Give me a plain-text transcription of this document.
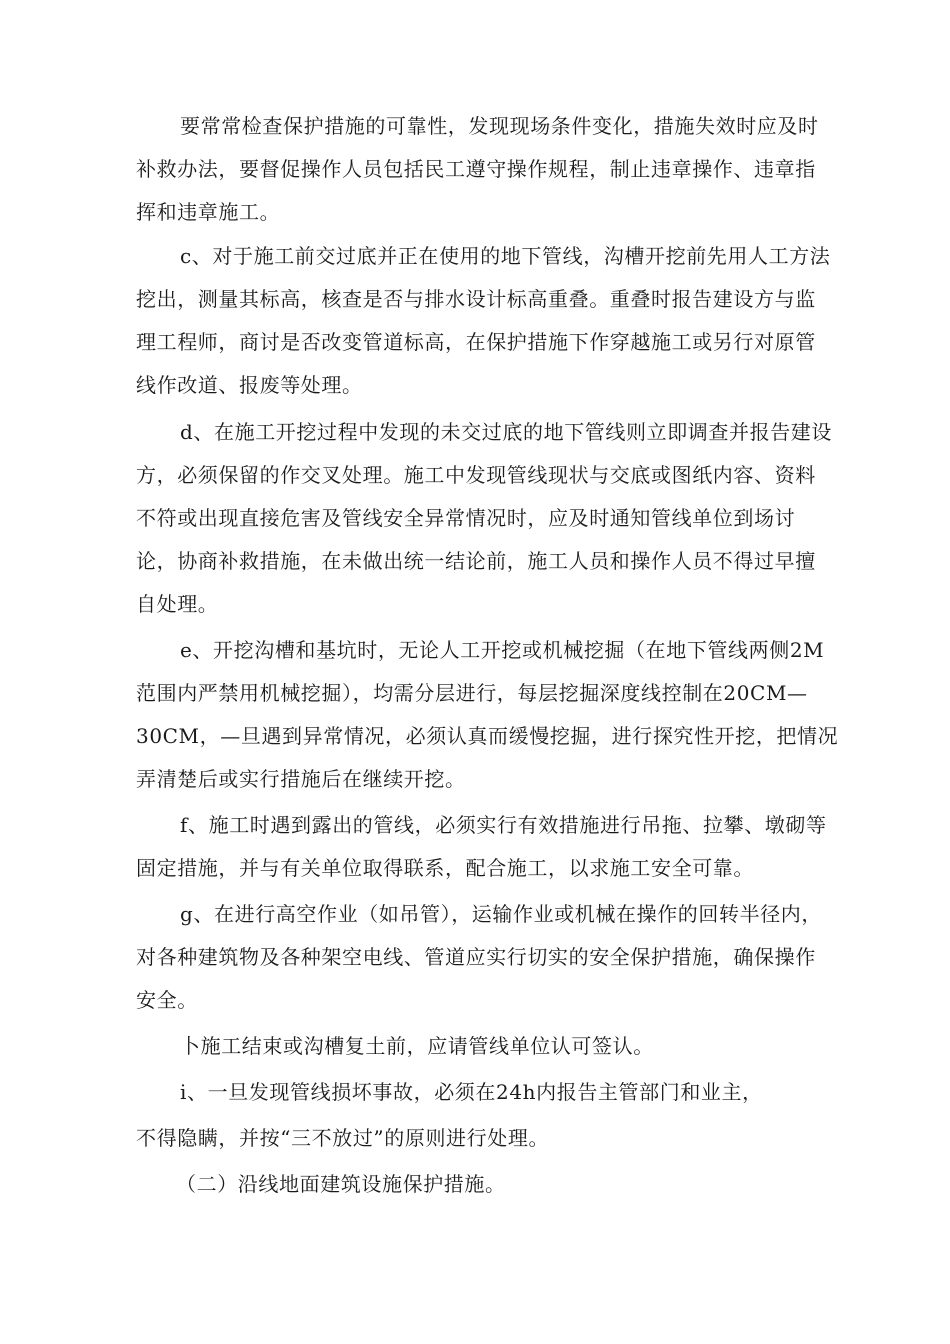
要常常检查保护措施的可靠性，发现现场条件变化，措施失效时应及时
补救办法，要督促操作人员包括民工遵守操作规程，制止违章操作、违章指
挥和违章施工。
c、对于施工前交过底并正在使用的地下管线，沟槽开挖前先用人工方法
挖出，测量其标高，核查是否与排水设计标高重叠。重叠时报告建设方与监
理工程师，商讨是否改变管道标高，在保护措施下作穿越施工或另行对原管
线作改道、报废等处理。
d、在施工开挖过程中发现的未交过底的地下管线则立即调查并报告建设
方，必须保留的作交叉处理。施工中发现管线现状与交底或图纸内容、资料
不符或出现直接危害及管线安全异常情况时，应及时通知管线单位到场讨
论，协商补救措施，在未做出统一结论前，施工人员和操作人员不得过早擅
自处理。
e、开挖沟槽和基坑时，无论人工开挖或机械挖掘（在地下管线两侧2M
范围内严禁用机械挖掘），均需分层进行，每层挖掘深度线控制在20CM—
30CM，—旦遇到异常情况，必须认真而缓慢挖掘，进行探究性开挖，把情况
弄清楚后或实行措施后在继续开挖。
f、施工时遇到露出的管线，必须实行有效措施进行吊拖、拉攀、墩砌等
固定措施，并与有关单位取得联系，配合施工，以求施工安全可靠。
g、在进行高空作业（如吊管），运输作业或机械在操作的回转半径内，
对各种建筑物及各种架空电线、管道应实行切实的安全保护措施，确保操作
安全。
卜施工结束或沟槽复土前，应请管线单位认可签认。
i、一旦发现管线损坏事故，必须在24h内报告主管部门和业主，
不得隐瞒，并按“三不放过”的原则进行处理。
（二）沿线地面建筑设施保护措施。
